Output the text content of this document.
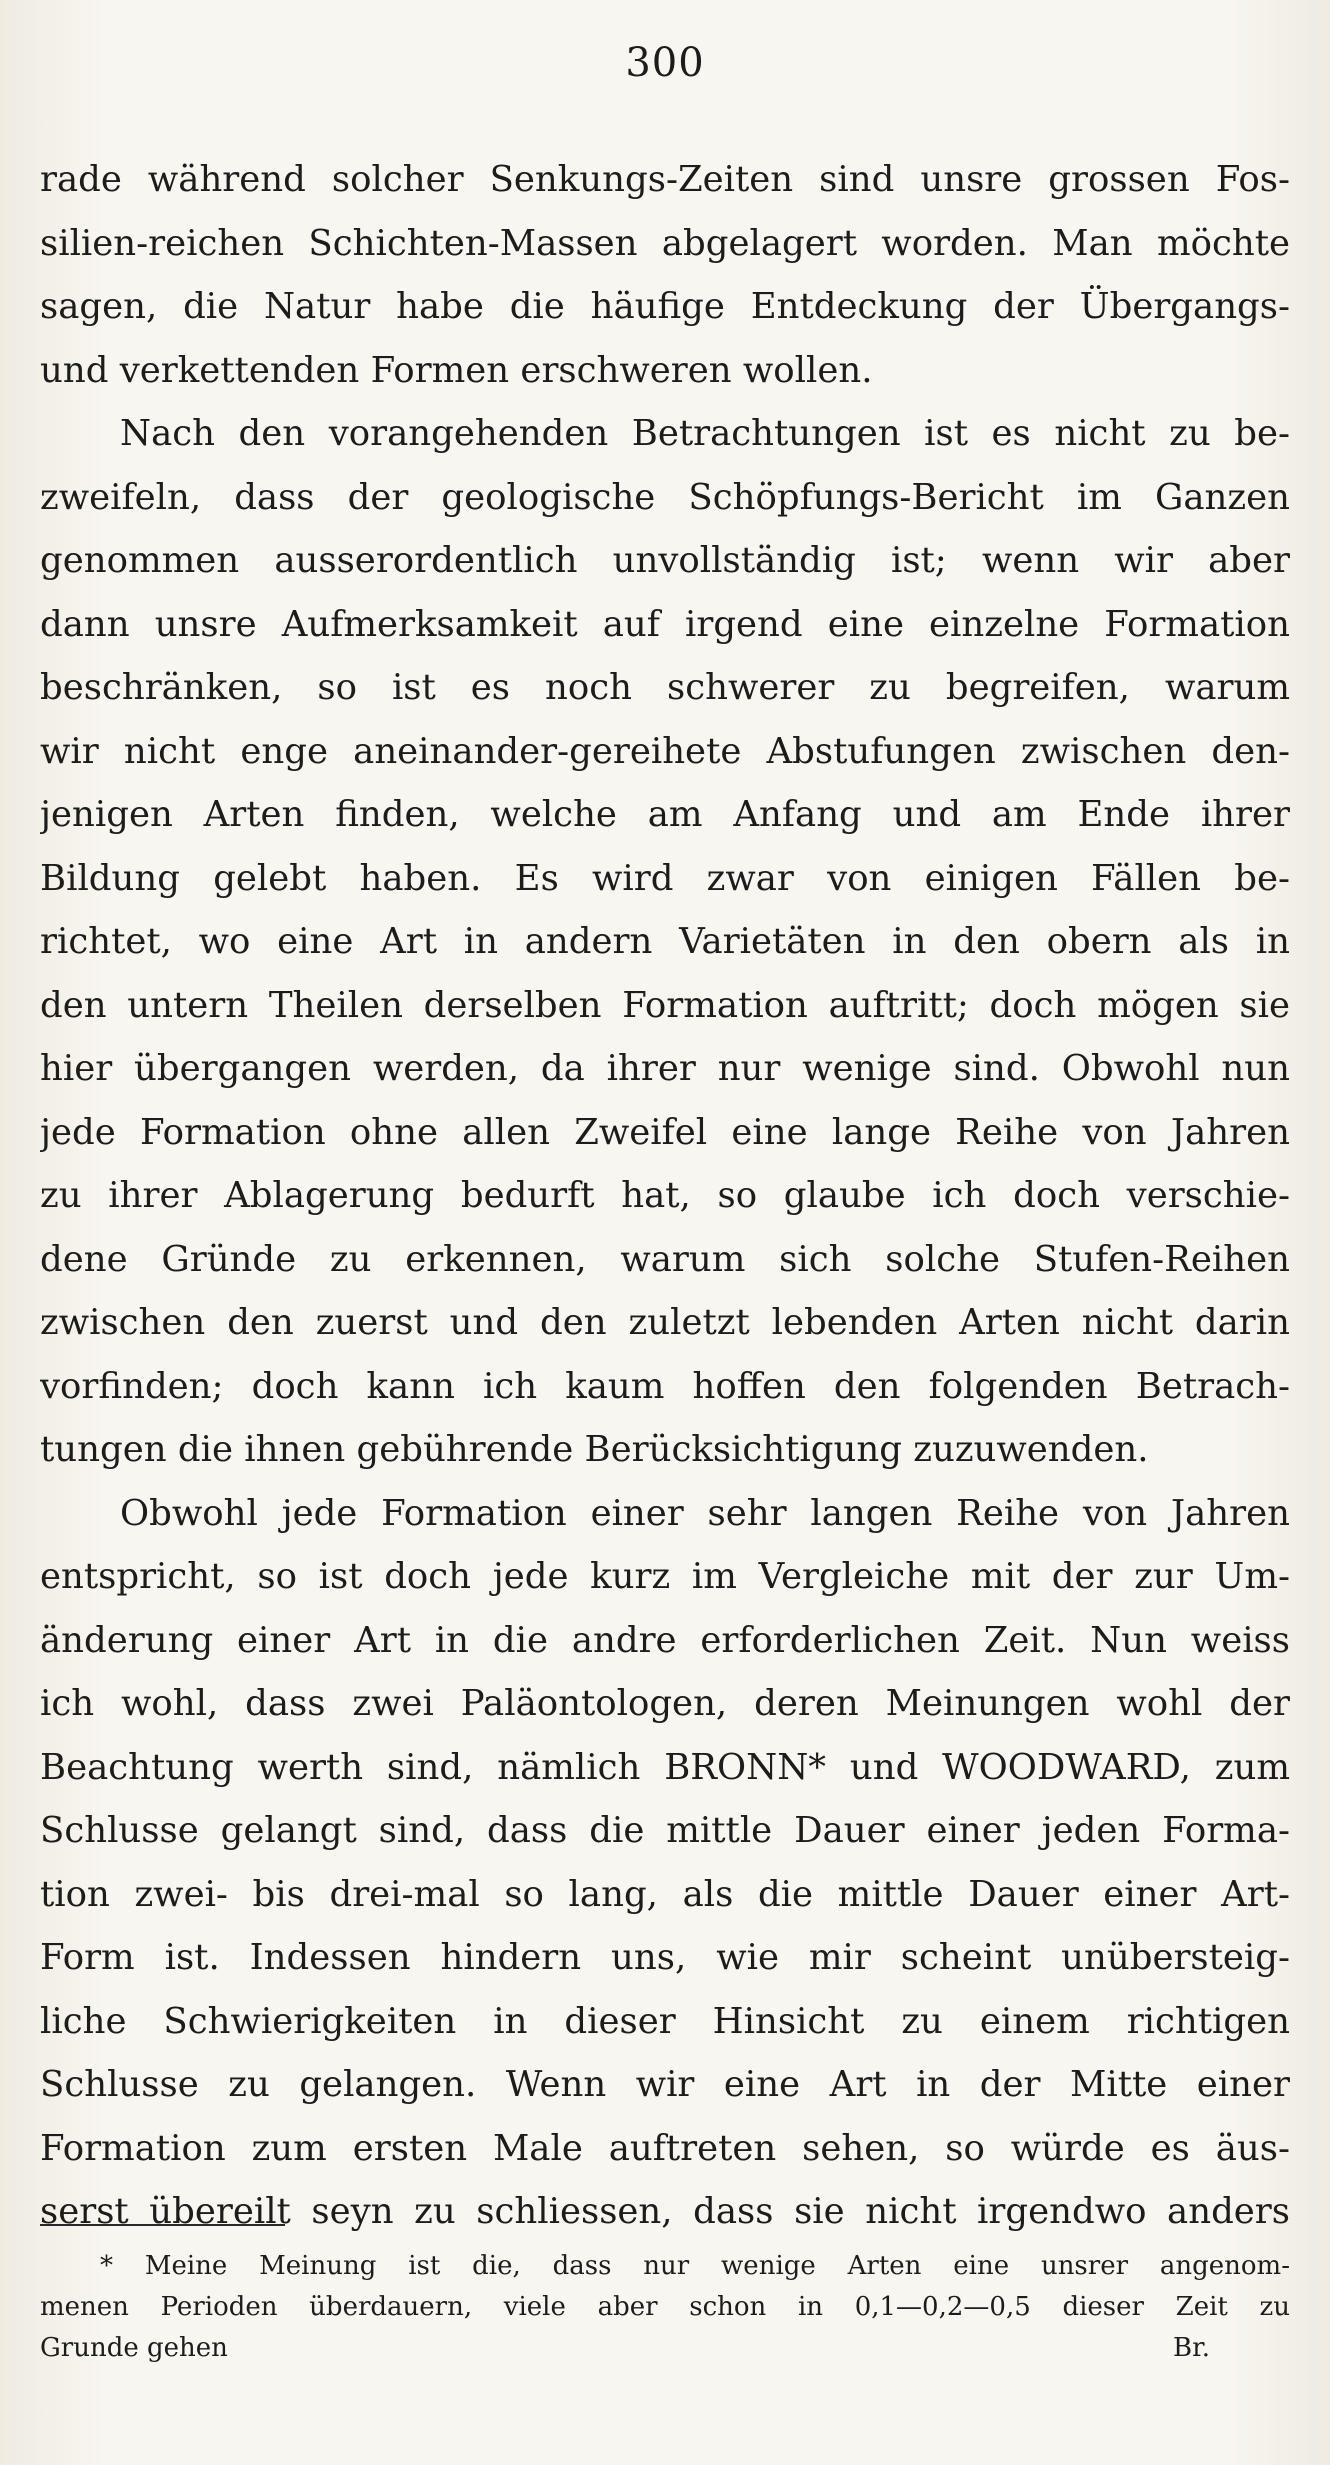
300
rade während solcher Senkungs-Zeiten sind unsre grossen Fos-
silien-reichen Schichten-Massen abgelagert worden. Man möchte
sagen, die Natur habe die häufige Entdeckung der Übergangs-
und verkettenden Formen erschweren wollen.
Nach den vorangehenden Betrachtungen ist es nicht zu be-
zweifeln, dass der geologische Schöpfungs-Bericht im Ganzen
genommen ausserordentlich unvollständig ist; wenn wir aber
dann unsre Aufmerksamkeit auf irgend eine einzelne Formation
beschränken, so ist es noch schwerer zu begreifen, warum
wir nicht enge aneinander-gereihete Abstufungen zwischen den-
jenigen Arten finden, welche am Anfang und am Ende ihrer
Bildung gelebt haben. Es wird zwar von einigen Fällen be-
richtet, wo eine Art in andern Varietäten in den obern als in
den untern Theilen derselben Formation auftritt; doch mögen sie
hier übergangen werden, da ihrer nur wenige sind. Obwohl nun
jede Formation ohne allen Zweifel eine lange Reihe von Jahren
zu ihrer Ablagerung bedurft hat, so glaube ich doch verschie-
dene Gründe zu erkennen, warum sich solche Stufen-Reihen
zwischen den zuerst und den zuletzt lebenden Arten nicht darin
vorfinden; doch kann ich kaum hoffen den folgenden Betrach-
tungen die ihnen gebührende Berücksichtigung zuzuwenden.
Obwohl jede Formation einer sehr langen Reihe von Jahren
entspricht, so ist doch jede kurz im Vergleiche mit der zur Um-
änderung einer Art in die andre erforderlichen Zeit. Nun weiss
ich wohl, dass zwei Paläontologen, deren Meinungen wohl der
Beachtung werth sind, nämlich BRONN* und WOODWARD, zum
Schlusse gelangt sind, dass die mittle Dauer einer jeden Forma-
tion zwei- bis drei-mal so lang, als die mittle Dauer einer Art-
Form ist. Indessen hindern uns, wie mir scheint unübersteig-
liche Schwierigkeiten in dieser Hinsicht zu einem richtigen
Schlusse zu gelangen. Wenn wir eine Art in der Mitte einer
Formation zum ersten Male auftreten sehen, so würde es äus-
serst übereilt seyn zu schliessen, dass sie nicht irgendwo anders
* Meine Meinung ist die, dass nur wenige Arten eine unsrer angenom-
menen Perioden überdauern, viele aber schon in 0,1—0,2—0,5 dieser Zeit zu
Grunde gehen	Br.
